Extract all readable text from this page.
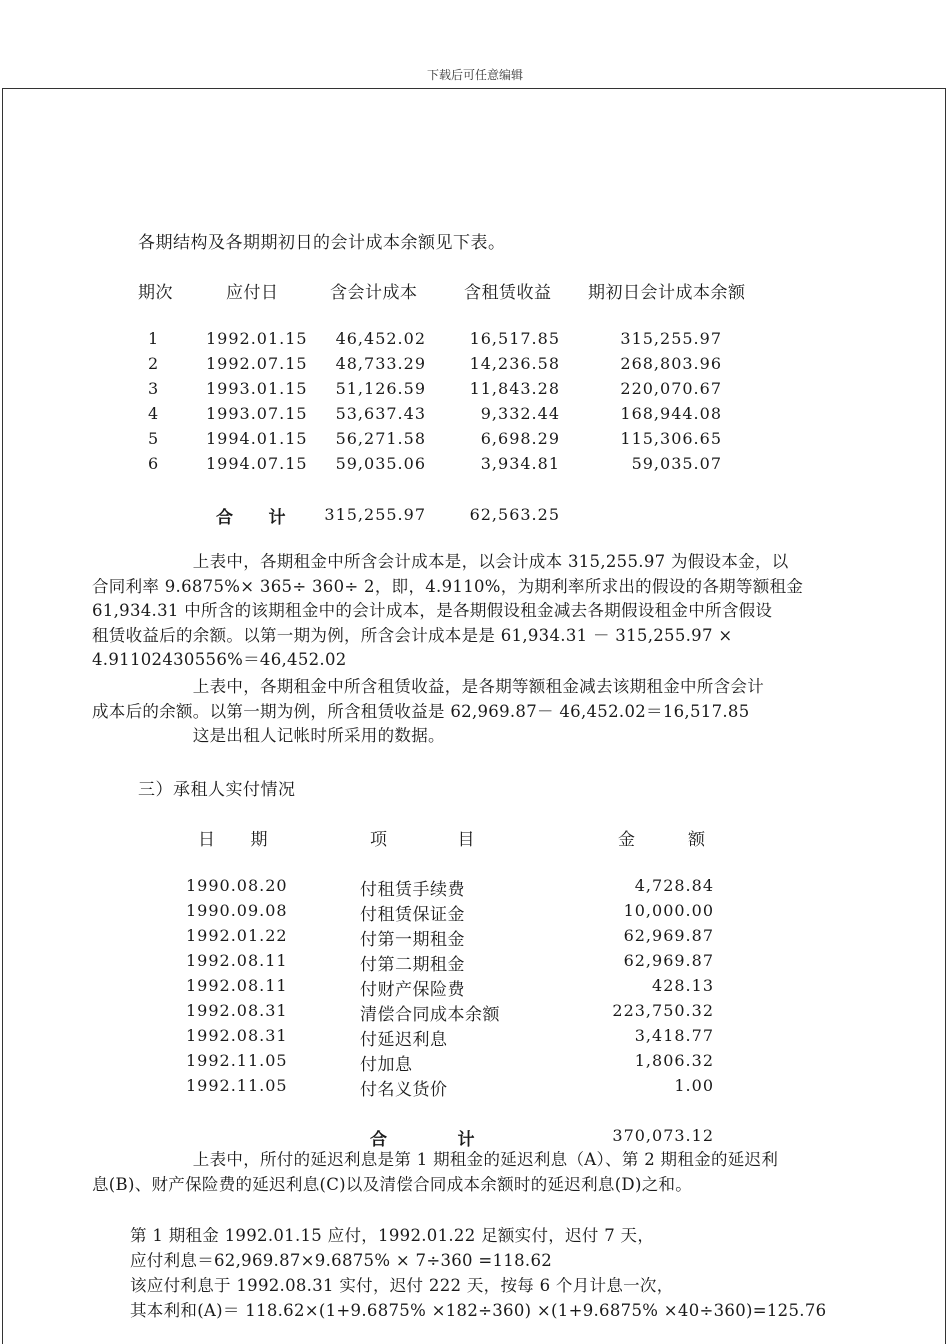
下载后可任意编辑
各期结构及各期期初日的会计成本余额见下表。
期次	应付日	含会计成本	含租赁收益 期初日会计成本余额
1	1992.01.15	46,452.02	16,517.85	315,255.97
2	1992.07.15	48,733.29	14,236.58	268,803.96
3	1993.01.15	51,126.59	11,843.28	220,070.67
4	1993.07.15	53,637.43	9,332.44	168,944.08
5	1994.01.15	56,271.58	6,698.29	115,306.65
6	1994.07.15	59,035.06	3,934.81	59,035.07
合　　计 315,255.97	62,563.25
　　　　　　上表中，各期租金中所含会计成本是，以会计成本 315,255.97 为假设本金，以
合同利率 9.6875%× 365÷ 360÷ 2，即，4.9110%，为期利率所求出的假设的各期等额租金
61,934.31 中所含的该期租金中的会计成本，是各期假设租金减去各期假设租金中所含假设
租赁收益后的余额。以第一期为例，所含会计成本是是 61,934.31 － 315,255.97 ×
4.91102430556%＝46,452.02
　　　　　　上表中，各期租金中所含租赁收益，是各期等额租金减去该期租金中所含会计
成本后的余额。以第一期为例，所含租赁收益是 62,969.87－ 46,452.02＝16,517.85
　　　　　　这是出租人记帐时所采用的数据。
三）承租人实付情况
日　　期	项　　　　目	金　　　额
1990.08.20	付租赁手续费	4,728.84
1990.09.08	付租赁保证金	10,000.00
1992.01.22	付第一期租金	62,969.87
1992.08.11	付第二期租金	62,969.87
1992.08.11	付财产保险费	428.13
1992.08.31	清偿合同成本余额	223,750.32
1992.08.31	付延迟利息	3,418.77
1992.11.05	付加息	1,806.32
1992.11.05	付名义货价	1.00
合　　　　计	370,073.12
　　　　　　上表中，所付的延迟利息是第 1 期租金的延迟利息（A）、第 2 期租金的延迟利
息(B)、财产保险费的延迟利息(C)以及清偿合同成本余额时的延迟利息(D)之和。
第 1 期租金 1992.01.15 应付，1992.01.22 足额实付，迟付 7 天，
应付利息＝62,969.87×9.6875% × 7÷360 =118.62
该应付利息于 1992.08.31 实付，迟付 222 天，按每 6 个月计息一次，
其本利和(A)＝ 118.62×(1+9.6875% ×182÷360) ×(1+9.6875% ×40÷360)=125.76
